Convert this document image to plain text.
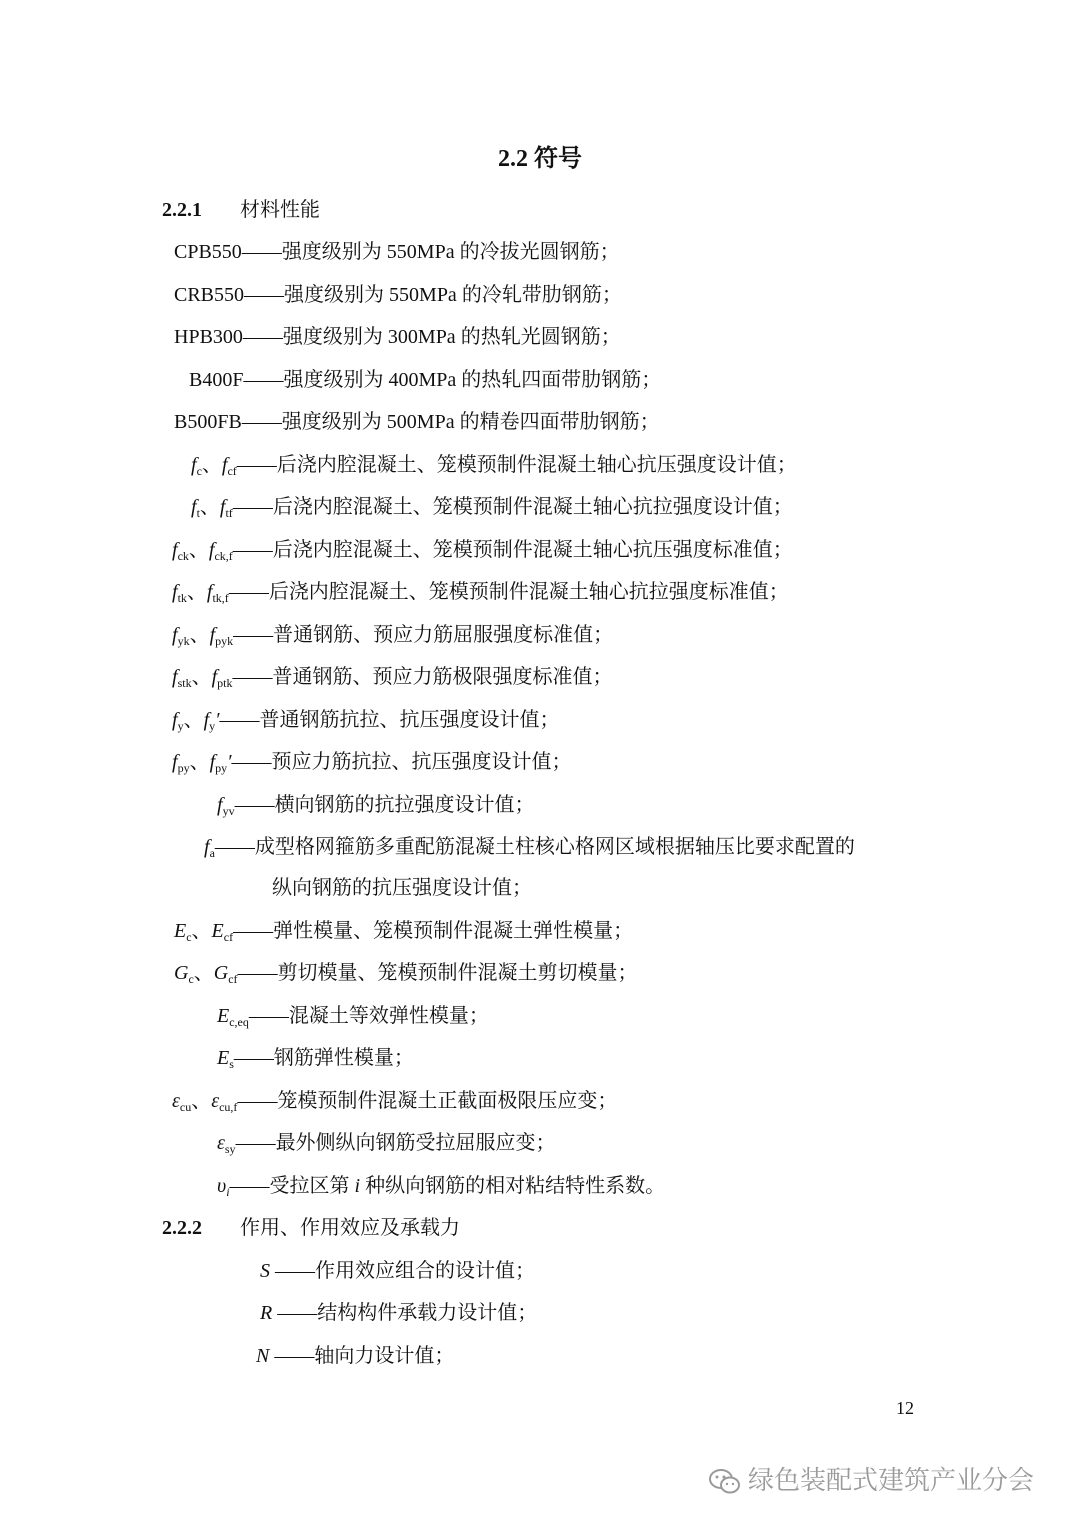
2.2 符号
2.2.1 材料性能
CPB550——强度级别为 550MPa 的冷拔光圆钢筋；
CRB550——强度级别为 550MPa 的冷轧带肋钢筋；
HPB300——强度级别为 300MPa 的热轧光圆钢筋；
B400F——强度级别为 400MPa 的热轧四面带肋钢筋；
B500FB——强度级别为 500MPa 的精卷四面带肋钢筋；
$f_c$、$f_{cf}——$后浇内腔混凝土、笼模预制件混凝土轴心抗压强度设计值；
$f_t$、$f_{tf}——$后浇内腔混凝土、笼模预制件混凝土轴心抗拉强度设计值；
$f_{ck}$、$f_{ck,f}——$后浇内腔混凝土、笼模预制件混凝土轴心抗压强度标准值；
$f_{tk}$、$f_{tk,f}——$后浇内腔混凝土、笼模预制件混凝土轴心抗拉强度标准值；
$f_{yk}$、$f_{pyk}——$普通钢筋、预应力筋屈服强度标准值；
$f_{stk}$、$f_{ptk}——$普通钢筋、预应力筋极限强度标准值；
$f_y$、$f_y'——$普通钢筋抗拉、抗压强度设计值；
$f_{py}$、$f_{py}'——$预应力筋抗拉、抗压强度设计值；
$f_{yv}——$横向钢筋的抗拉强度设计值；
$f_a——$成型格网箍筋多重配筋混凝土柱核心格网区域根据轴压比要求配置的
纵向钢筋的抗压强度设计值；
$E_c$、$E_{cf}——$弹性模量、笼模预制件混凝土弹性模量；
$G_c$、$G_{cf}——$剪切模量、笼模预制件混凝土剪切模量；
$E_{c,eq}——$混凝土等效弹性模量；
$E_s——$钢筋弹性模量；
$\varepsilon_{cu}$、$\varepsilon_{cu,f}——$笼模预制件混凝土正截面极限压应变；
$\varepsilon_{sy}——$最外侧纵向钢筋受拉屈服应变；
$\upsilon_i——$受拉区第 i 种纵向钢筋的相对粘结特性系数。
2.2.2 作用、作用效应及承载力
S ——作用效应组合的设计值；
R ——结构构件承载力设计值；
N ——轴向力设计值；
12
绿色装配式建筑产业分会
